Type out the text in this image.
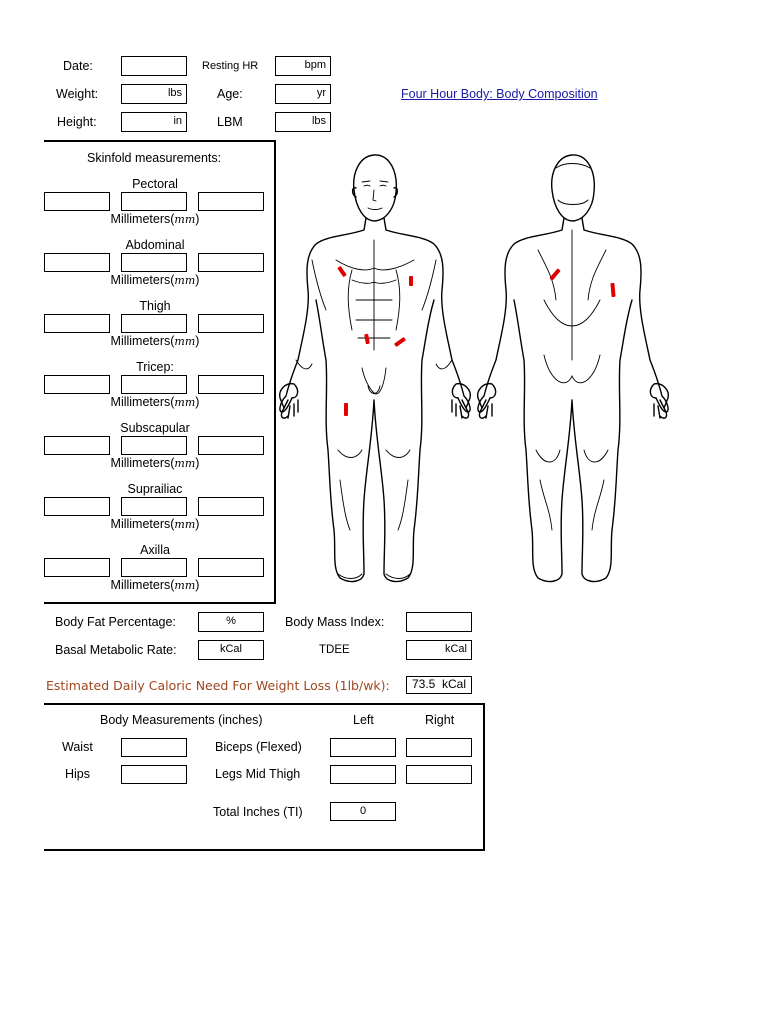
Date:	Resting HR	bpm
Weight:	lbs	Age:	yr	Four Hour Body: Body Composition
Height:	in	LBM	lbs
Skinfold measurements:
Pectoral
Millimeters(mm)
Abdominal
Millimeters(mm)
Thigh
Millimeters(mm)
Tricep:
Millimeters(mm)
Subscapular
Millimeters(mm)
Suprailiac
Millimeters(mm)
Axilla
Millimeters(mm)
Body Fat Percentage:	%	Body Mass Index:
Basal Metabolic Rate:	kCal	TDEE	kCal
Estimated Daily Caloric Need For Weight Loss (1lb/wk):	73.5 kCal
Body Measurements (inches)	Left	Right
Waist	Biceps (Flexed)
Hips	Legs Mid Thigh
Total Inches (TI)	0
